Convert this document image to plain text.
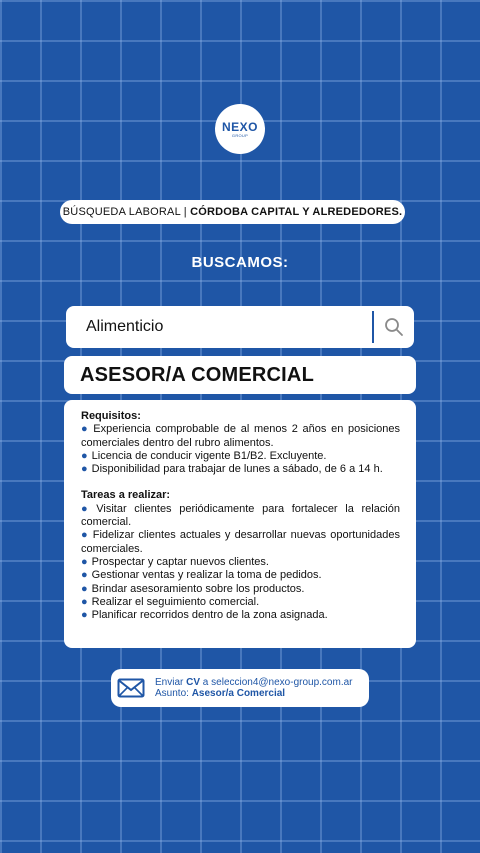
NEXO
GROUP
BÚSQUEDA LABORAL | CÓRDOBA CAPITAL Y ALREDEDORES.
BUSCAMOS:
Alimenticio
ASESOR/A COMERCIAL
Requisitos:
● Experiencia comprobable de al menos 2 años en posiciones comerciales dentro del rubro alimentos.
● Licencia de conducir vigente B1/B2. Excluyente.
● Disponibilidad para trabajar de lunes a sábado, de 6 a 14 h.
Tareas a realizar:
● Visitar clientes periódicamente para fortalecer la relación comercial.
● Fidelizar clientes actuales y desarrollar nuevas oportunidades comerciales.
● Prospectar y captar nuevos clientes.
● Gestionar ventas y realizar la toma de pedidos.
● Brindar asesoramiento sobre los productos.
● Realizar el seguimiento comercial.
● Planificar recorridos dentro de la zona asignada.
Enviar CV a seleccion4@nexo-group.com.ar
Asunto: Asesor/a Comercial
